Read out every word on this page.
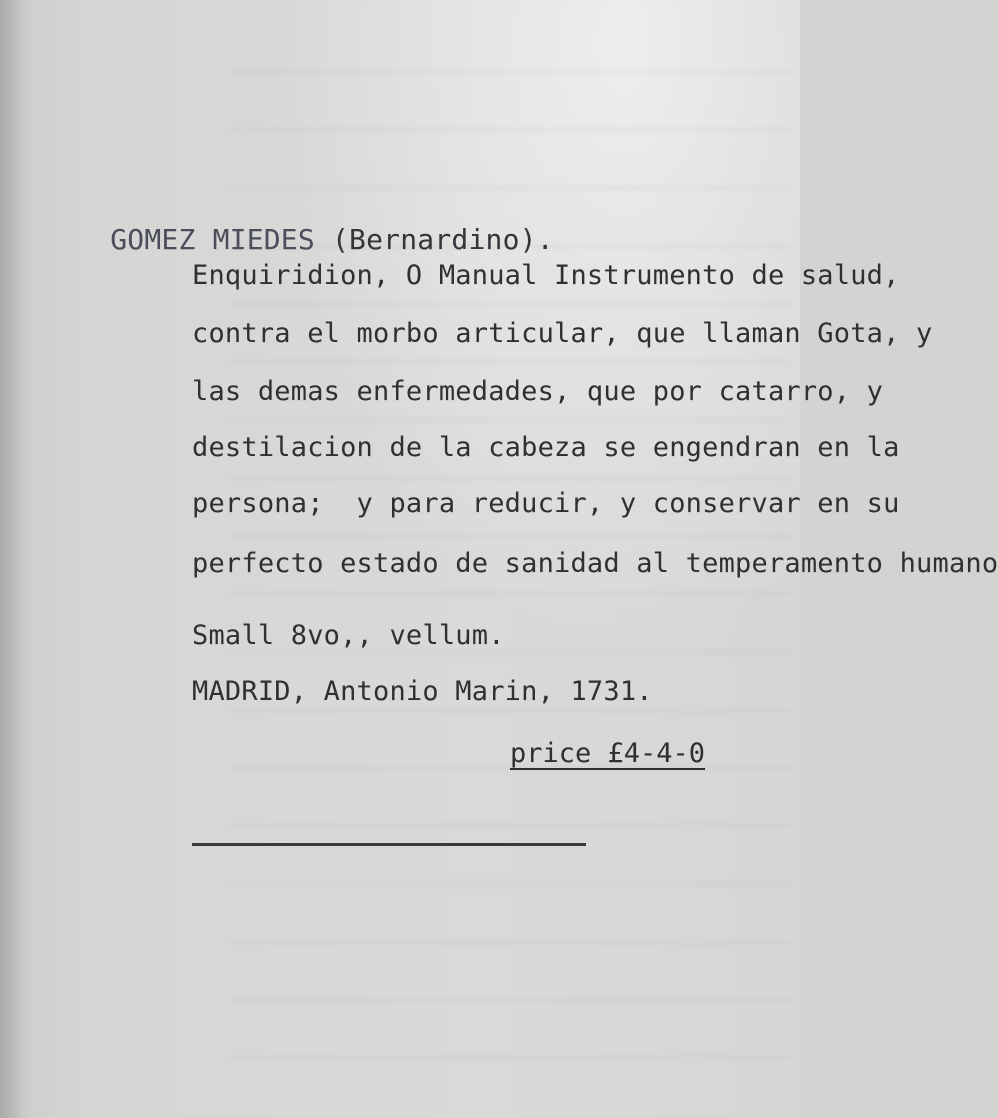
GOMEZ MIEDES (Bernardino).

Enquiridion, O Manual Instrumento de salud,
contra el morbo articular, que llaman Gota, y
las demas enfermedades, que por catarro, y
destilacion de la cabeza se engendran en la
persona;  y para reducir, y conservar en su
perfecto estado de sanidad al temperamento humano
Small 8vo,, vellum.
MADRID, Antonio Marin, 1731.
price £4-4-0
